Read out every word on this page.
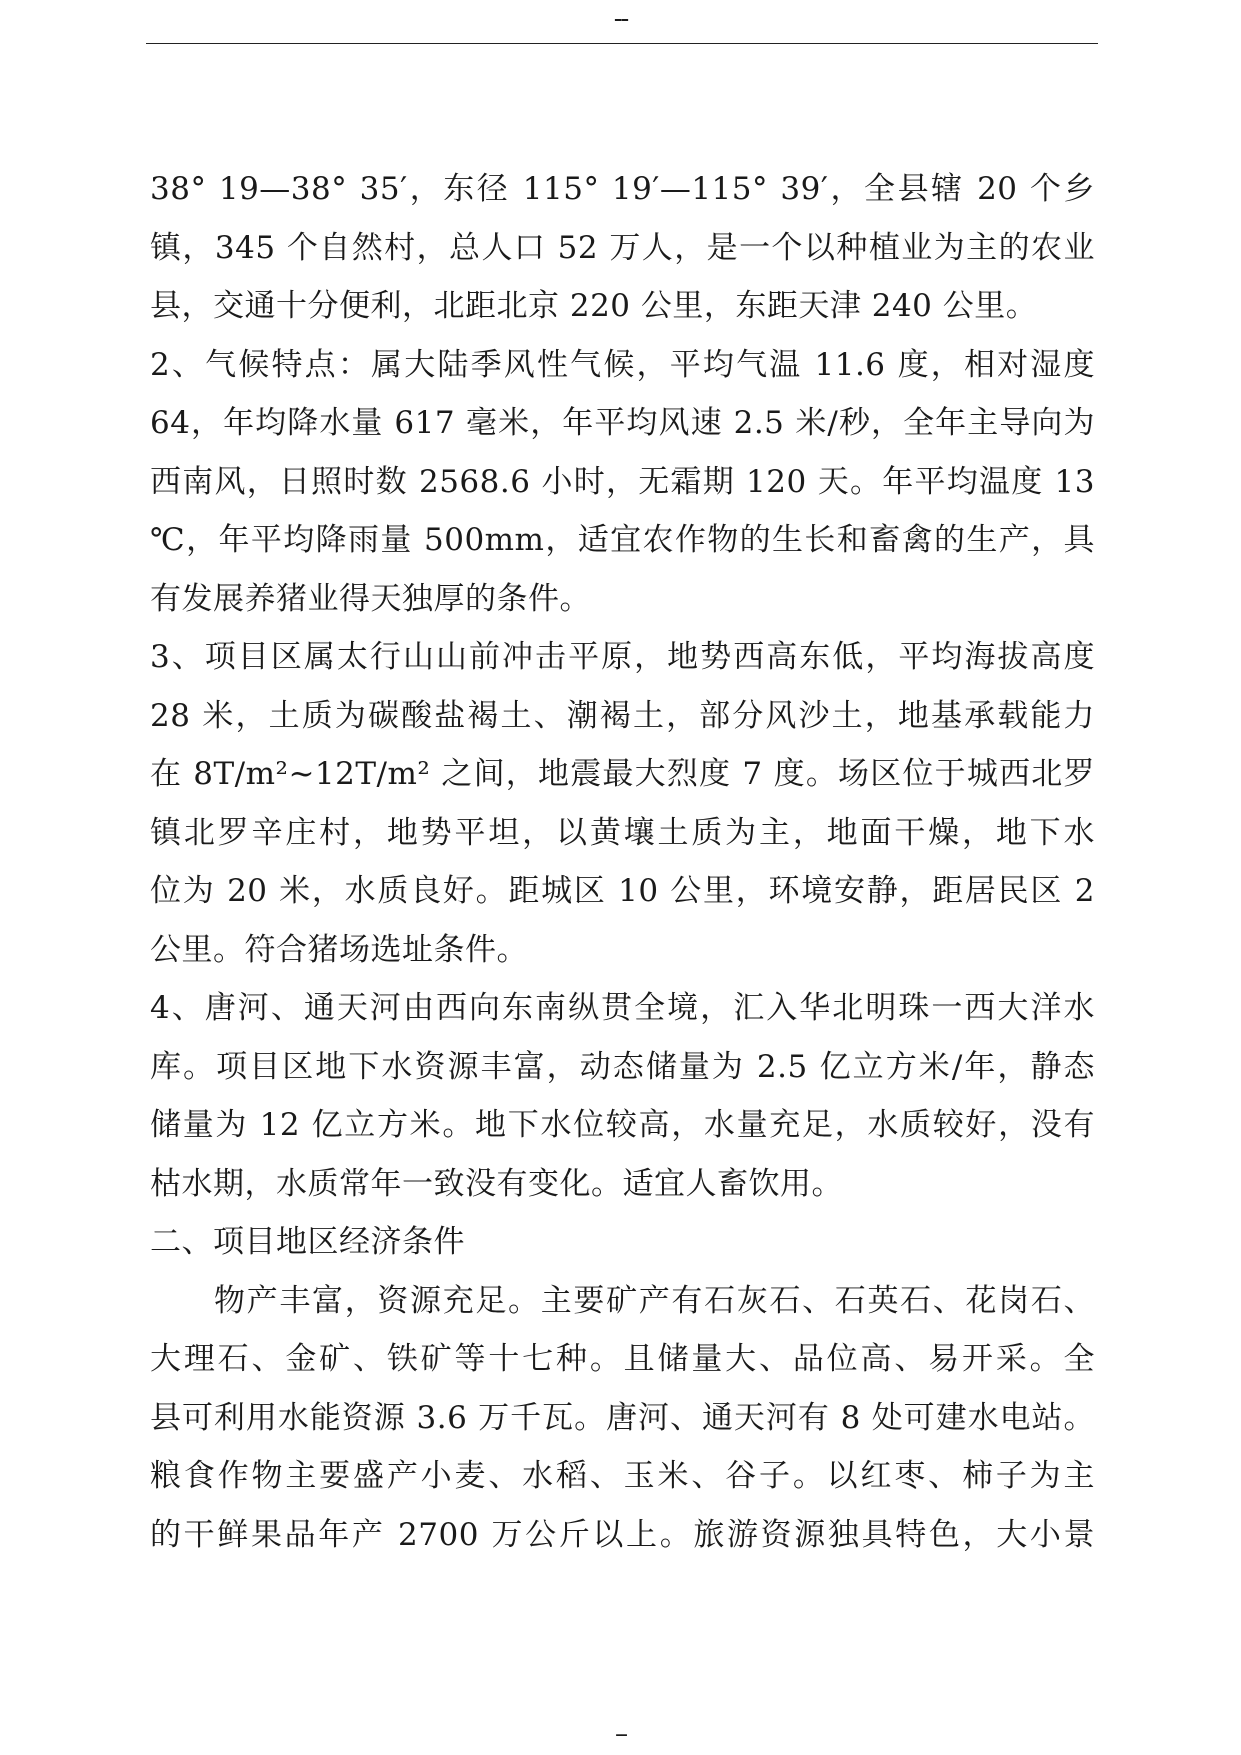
--
38° 19—38° 35′，东径 115° 19′—115° 39′，全县辖 20 个乡
镇，345 个自然村，总人口 52 万人，是一个以种植业为主的农业
县，交通十分便利，北距北京 220 公里，东距天津 240 公里。
2、气候特点：属大陆季风性气候，平均气温 11.6 度，相对湿度
64，年均降水量 617 毫米，年平均风速 2.5 米/秒，全年主导向为
西南风，日照时数 2568.6 小时，无霜期 120 天。年平均温度 13
℃，年平均降雨量 500mm，适宜农作物的生长和畜禽的生产，具
有发展养猪业得天独厚的条件。
3、项目区属太行山山前冲击平原，地势西高东低，平均海拔高度
28 米，土质为碳酸盐褐土、潮褐土，部分风沙土，地基承载能力
在 8T/m²~12T/m² 之间，地震最大烈度 7 度。场区位于城西北罗
镇北罗辛庄村，地势平坦，以黄壤土质为主，地面干燥，地下水
位为 20 米，水质良好。距城区 10 公里，环境安静，距居民区 2
公里。符合猪场选址条件。
4、唐河、通天河由西向东南纵贯全境，汇入华北明珠一西大洋水
库。项目区地下水资源丰富，动态储量为 2.5 亿立方米/年，静态
储量为 12 亿立方米。地下水位较高，水量充足，水质较好，没有
枯水期，水质常年一致没有变化。适宜人畜饮用。
二、项目地区经济条件
物产丰富，资源充足。主要矿产有石灰石、石英石、花岗石、
大理石、金矿、铁矿等十七种。且储量大、品位高、易开采。全
县可利用水能资源 3.6 万千瓦。唐河、通天河有 8 处可建水电站。
粮食作物主要盛产小麦、水稻、玉米、谷子。以红枣、柿子为主
的干鲜果品年产 2700 万公斤以上。旅游资源独具特色，大小景
--
